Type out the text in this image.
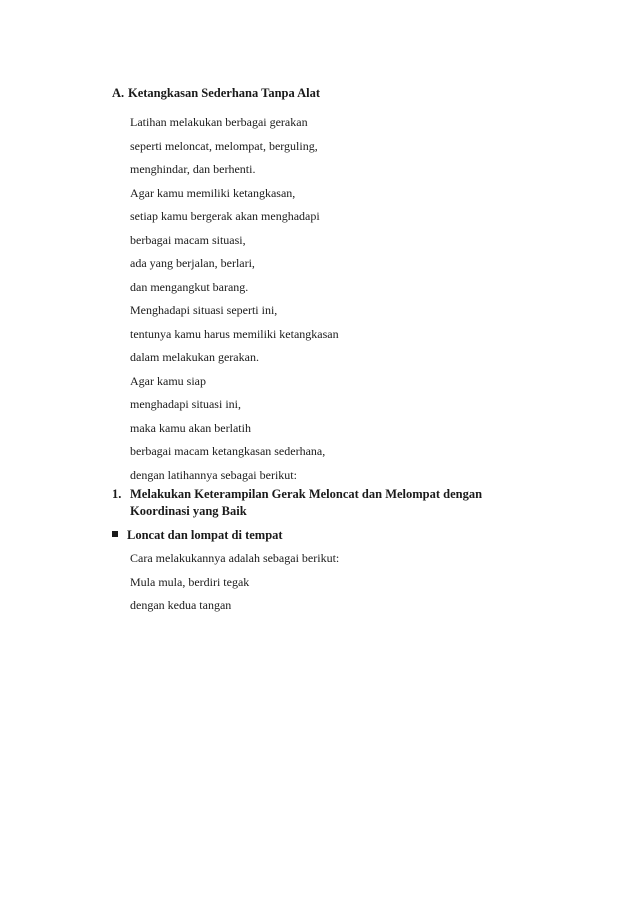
A. Ketangkasan Sederhana Tanpa Alat
Latihan melakukan berbagai gerakan
seperti meloncat, melompat, berguling,
menghindar, dan berhenti.
Agar kamu memiliki ketangkasan,
setiap kamu bergerak akan menghadapi
berbagai macam situasi,
ada yang berjalan, berlari,
dan mengangkut barang.
Menghadapi situasi seperti ini,
tentunya kamu harus memiliki ketangkasan
dalam melakukan gerakan.
Agar kamu siap
menghadapi situasi ini,
maka kamu akan berlatih
berbagai macam ketangkasan sederhana,
dengan latihannya sebagai berikut:
1. Melakukan Keterampilan Gerak Meloncat dan Melompat dengan Koordinasi yang Baik
Loncat dan lompat di tempat
Cara melakukannya adalah sebagai berikut:
Mula mula, berdiri tegak
dengan kedua tangan
